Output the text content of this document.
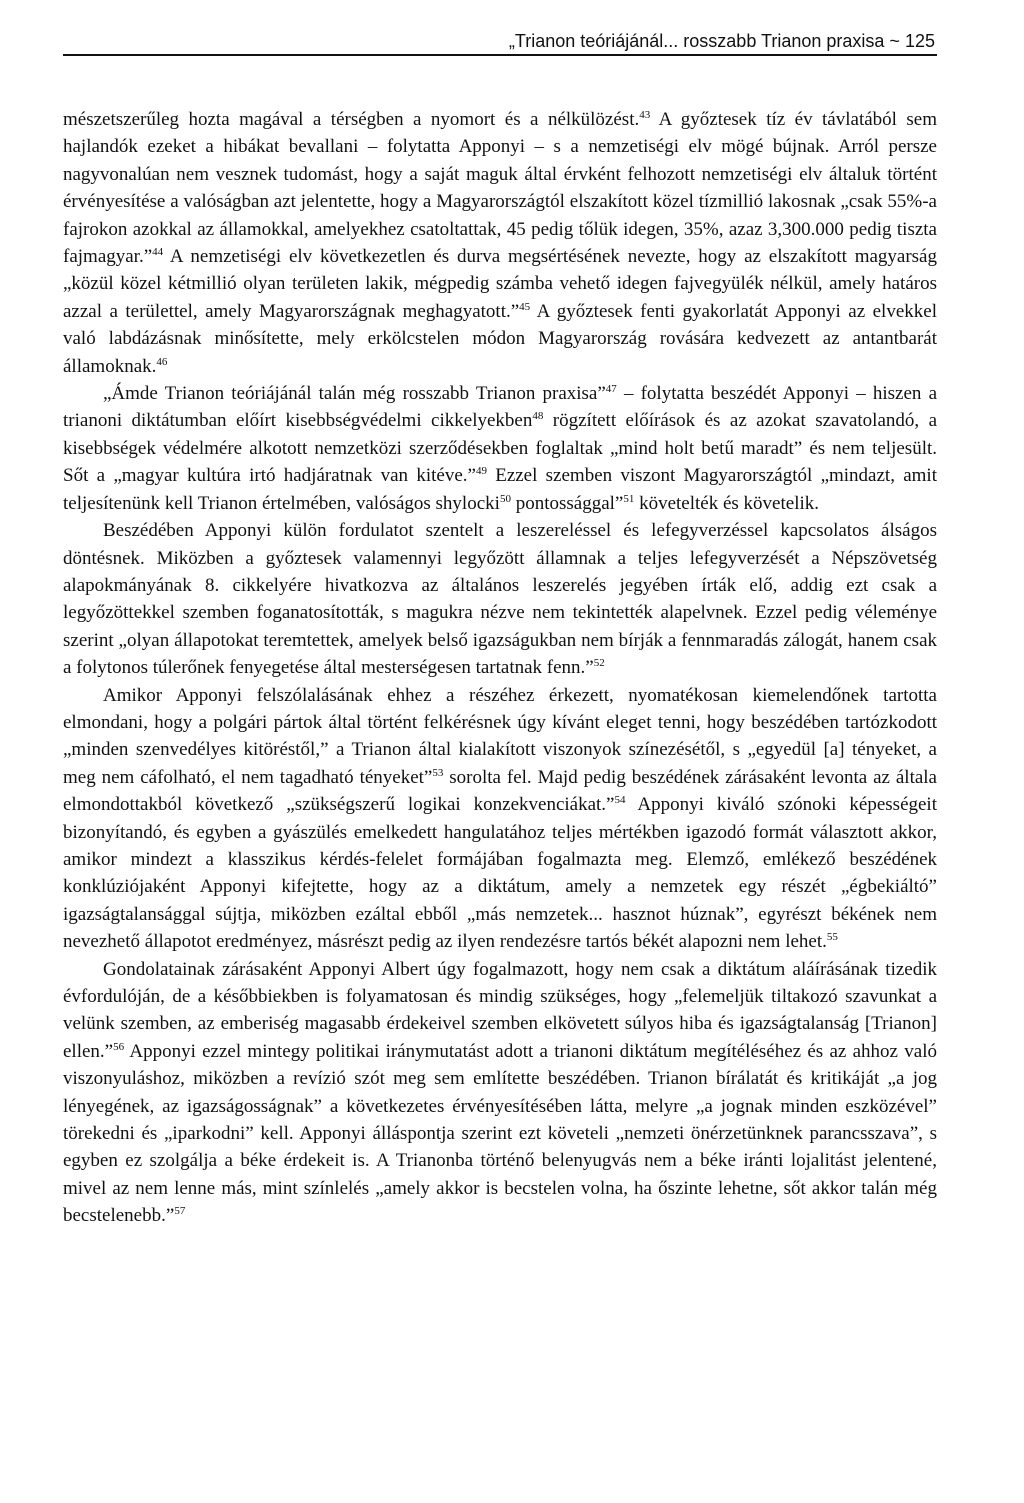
„Trianon teóriájánál... rosszabb Trianon praxisa ~ 125

mészetszerűleg hozta magával a térségben a nyomort és a nélkülözést.$^{43}$ A győztesek tíz év távlatából sem hajlandók ezeket a hibákat bevallani – folytatta Apponyi – s a nemzetiségi elv mögé bújnak. Arról persze nagyvonalúan nem vesznek tudomást, hogy a saját maguk által érvként felhozott nemzetiségi elv általuk történt érvényesítése a valóságban azt jelentette, hogy a Magyarországtól elszakított közel tízmillió lakosnak „csak 55%-a fajrokon azokkal az államokkal, amelyekhez csatoltattak, 45 pedig tőlük idegen, 35%, azaz 3,300.000 pedig tiszta fajmagyar.”$^{44}$ A nemzetiségi elv következetlen és durva megsértésének nevezte, hogy az elszakított magyarság „közül közel kétmillió olyan területen lakik, mégpedig számba vehető idegen fajvegyülék nélkül, amely határos azzal a területtel, amely Magyarországnak meghagyatott.”$^{45}$ A győztesek fenti gyakorlatát Apponyi az elvekkel való labdázásnak minősítette, mely erkölcstelen módon Magyarország rovására kedvezett az antantbarát államoknak.$^{46}$

„Ámde Trianon teóriájánál talán még rosszabb Trianon praxisa”$^{47}$ – folytatta beszédét Apponyi – hiszen a trianoni diktátumban előírt kisebbségvédelmi cikkelyekben$^{48}$ rögzített előírások és az azokat szavatolandó, a kisebbségek védelmére alkotott nemzetközi szerződésekben foglaltak „mind holt betű maradt” és nem teljesült. Sőt a „magyar kultúra irtó hadjáratnak van kitéve.”$^{49}$ Ezzel szemben viszont Magyarországtól „mindazt, amit teljesítenünk kell Trianon értelmében, valóságos shylocki$^{50}$ pontossággal”$^{51}$ követelték és követelik.

Beszédében Apponyi külön fordulatot szentelt a leszereléssel és lefegyverzéssel kapcsolatos álságos döntésnek. Miközben a győztesek valamennyi legyőzött államnak a teljes lefegyverzését a Népszövetség alapokmányának 8. cikkelyére hivatkozva az általános leszerelés jegyében írták elő, addig ezt csak a legyőzöttekkel szemben foganatosították, s magukra nézve nem tekintették alapelvnek. Ezzel pedig véleménye szerint „olyan állapotokat teremtettek, amelyek belső igazságukban nem bírják a fennmaradás zálogát, hanem csak a folytonos túlerőnek fenyegetése által mesterségesen tartatnak fenn.”$^{52}$

Amikor Apponyi felszólalásának ehhez a részéhez érkezett, nyomatékosan kiemelendőnek tartotta elmondani, hogy a polgári pártok által történt felkérésnek úgy kívánt eleget tenni, hogy beszédében tartózkodott „minden szenvedélyes kitöréstől,” a Trianon által kialakított viszonyok színezésétől, s „egyedül [a] tényeket, a meg nem cáfolható, el nem tagadható tényeket”$^{53}$ sorolta fel. Majd pedig beszédének zárásaként levonta az általa elmondottakból következő „szükségszerű logikai konzekvenciákat.”$^{54}$ Apponyi kiváló szónoki képességeit bizonyítandó, és egyben a gyászülés emelkedett hangulatához teljes mértékben igazodó formát választott akkor, amikor mindezt a klasszikus kérdés-felelet formájában fogalmazta meg. Elemző, emlékező beszédének konklúziójaként Apponyi kifejtette, hogy az a diktátum, amely a nemzetek egy részét „égbekiáltó” igazságtalansággal sújtja, miközben ezáltal ebből „más nemzetek... hasznot húznak”, egyrészt békének nem nevezhető állapotot eredményez, másrészt pedig az ilyen rendezésre tartós békét alapozni nem lehet.$^{55}$

Gondolatainak zárásaként Apponyi Albert úgy fogalmazott, hogy nem csak a diktátum aláírásának tizedik évfordulóján, de a későbbiekben is folyamatosan és mindig szükséges, hogy „felemeljük tiltakozó szavunkat a velünk szemben, az emberiség magasabb érdekeivel szemben elkövetett súlyos hiba és igazságtalanság [Trianon] ellen.”$^{56}$ Apponyi ezzel mintegy politikai iránymutatást adott a trianoni diktátum megítéléséhez és az ahhoz való viszonyuláshoz, miközben a revízió szót meg sem említette beszédében. Trianon bírálatát és kritikáját „a jog lényegének, az igazságosságnak” a következetes érvényesítésében látta, melyre „a jognak minden eszközével” törekedni és „iparkodni” kell. Apponyi álláspontja szerint ezt követeli „nemzeti önérzetünknek parancsszava”, s egyben ez szolgálja a béke érdekeit is. A Trianonba történő belenyugvás nem a béke iránti lojalitást jelentené, mivel az nem lenne más, mint színlelés „amely akkor is becstelen volna, ha őszinte lehetne, sőt akkor talán még becstelenebb.”$^{57}$
